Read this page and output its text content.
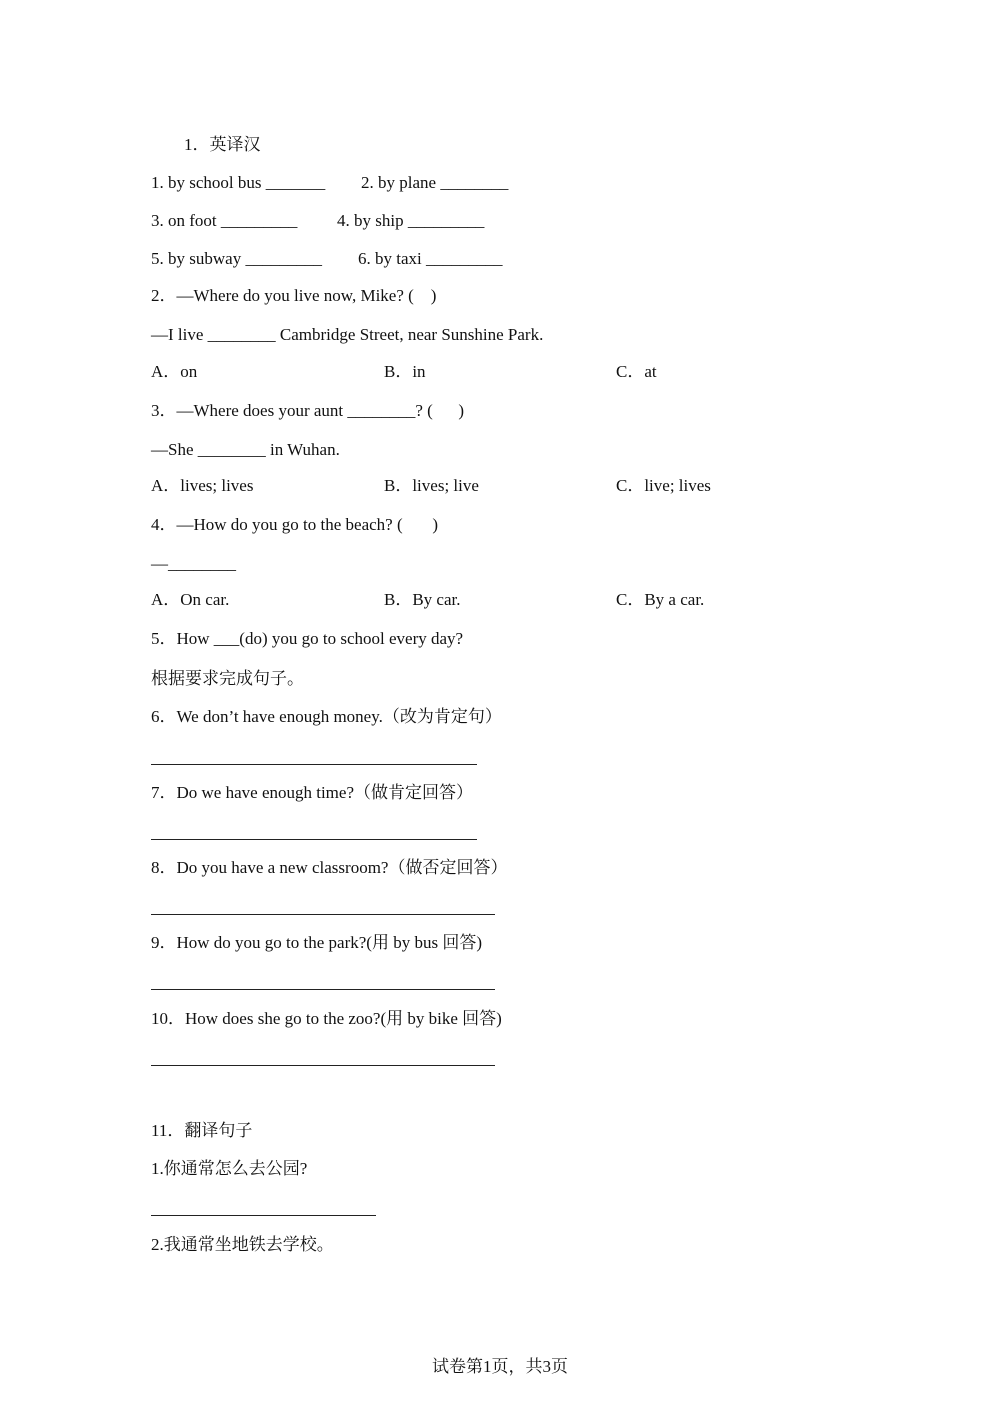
1．英译汉
1. by school bus _______ 2. by plane ________
3. on foot _________ 4. by ship _________
5. by subway _________ 6. by taxi _________
2．—Where do you live now, Mike? (    )
—I live ________ Cambridge Street, near Sunshine Park.
A．on	B．in	C．at
3．—Where does your aunt ________? (      )
—She ________ in Wuhan.
A．lives; lives	B．lives; live	C．live; lives
4．—How do you go to the beach? (       )
—________
A．On car.	B．By car.	C．By a car.
5．How ___(do) you go to school every day?
根据要求完成句子。
6．We don’t have enough money.（改为肯定句）
7．Do we have enough time?（做肯定回答）
8．Do you have a new classroom?（做否定回答）
9．How do you go to the park?(用 by bus 回答)
10．How does she go to the zoo?(用 by bike 回答)
11．翻译句子
1.你通常怎么去公园?
2.我通常坐地铁去学校。
试卷第1页，共3页
